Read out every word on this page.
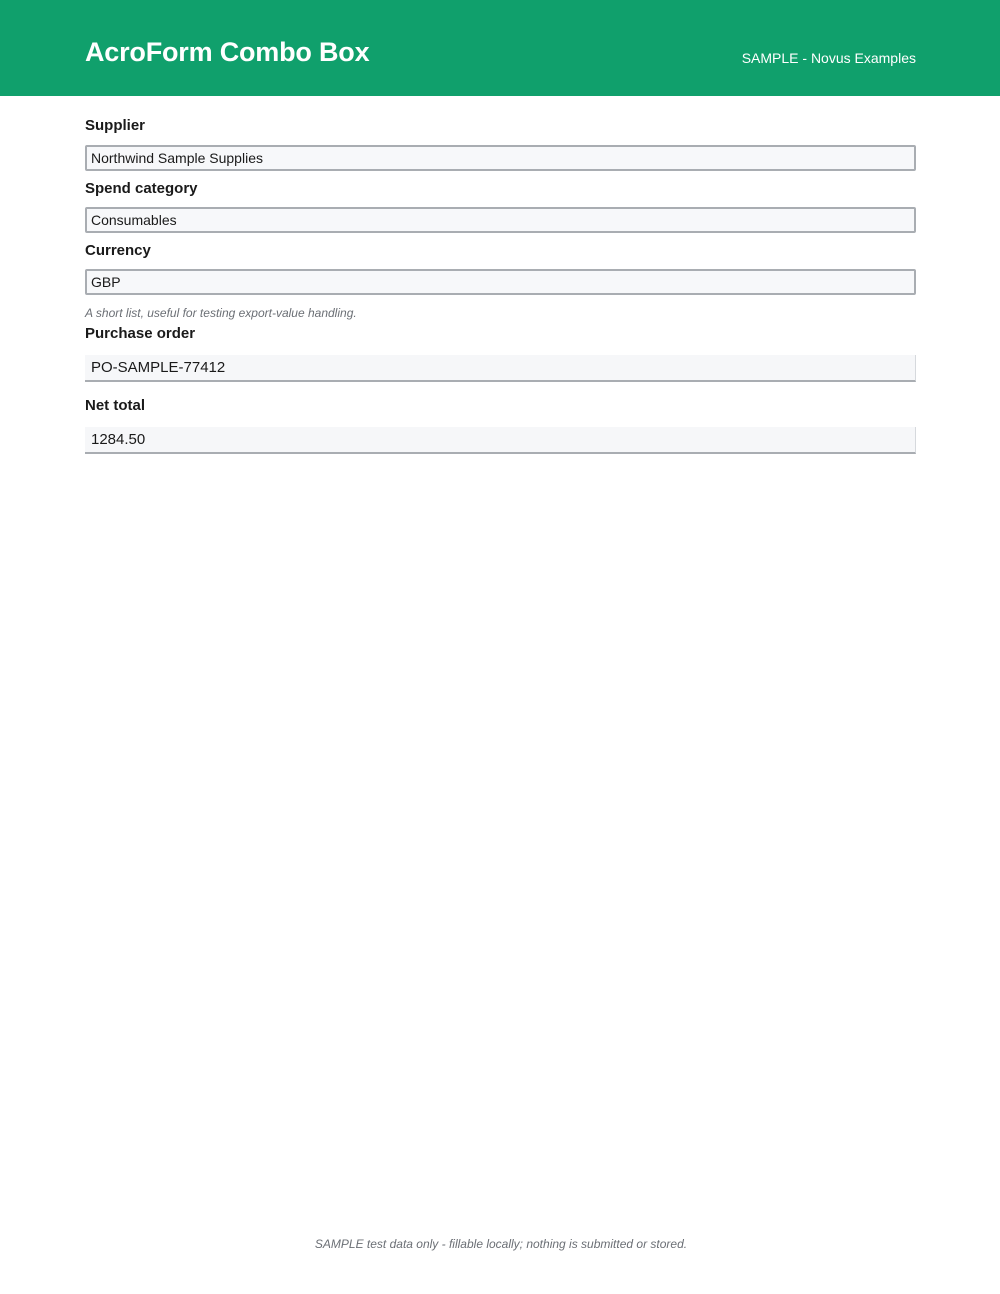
AcroForm Combo Box	SAMPLE - Novus Examples
Supplier
Northwind Sample Supplies
Spend category
Consumables
Currency
GBP
A short list, useful for testing export-value handling.
Purchase order
PO-SAMPLE-77412
Net total
1284.50
SAMPLE test data only - fillable locally; nothing is submitted or stored.
